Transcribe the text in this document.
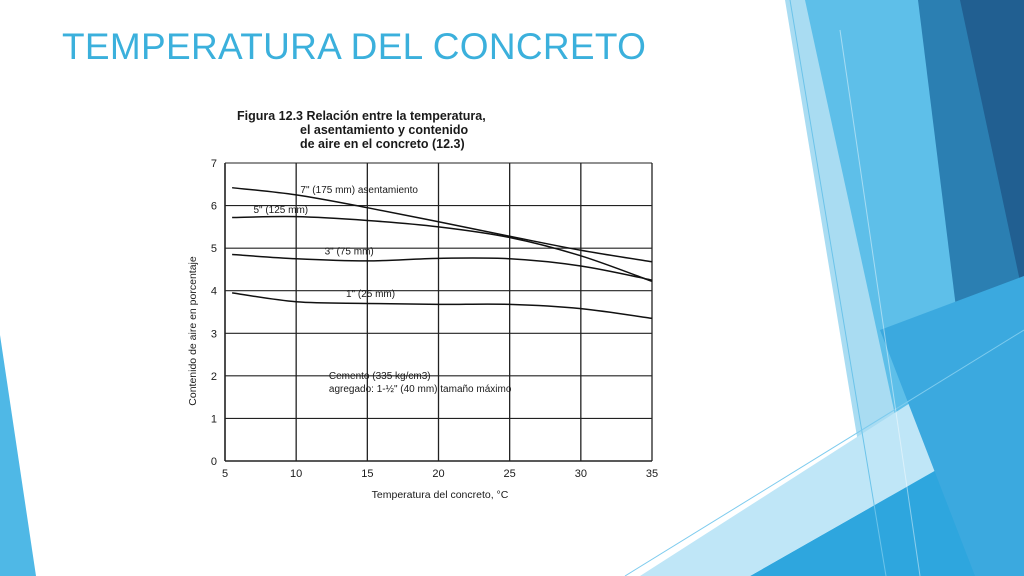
TEMPERATURA DEL CONCRETO
Figura 12.3 Relación entre la temperatura,
el asentamiento y contenido
de aire en el concreto (12.3)
5	10	15	20	25	30	35
0
1
2
3
4
5
6
7
7" (175 mm) asentamiento
5" (125 mm)
3" (75 mm)
1" (25 mm)
Cemento (335 kg/cm3)
agregado: 1-½" (40 mm) tamaño máximo
Temperatura del concreto, °C
Contenido de aire en porcentaje
